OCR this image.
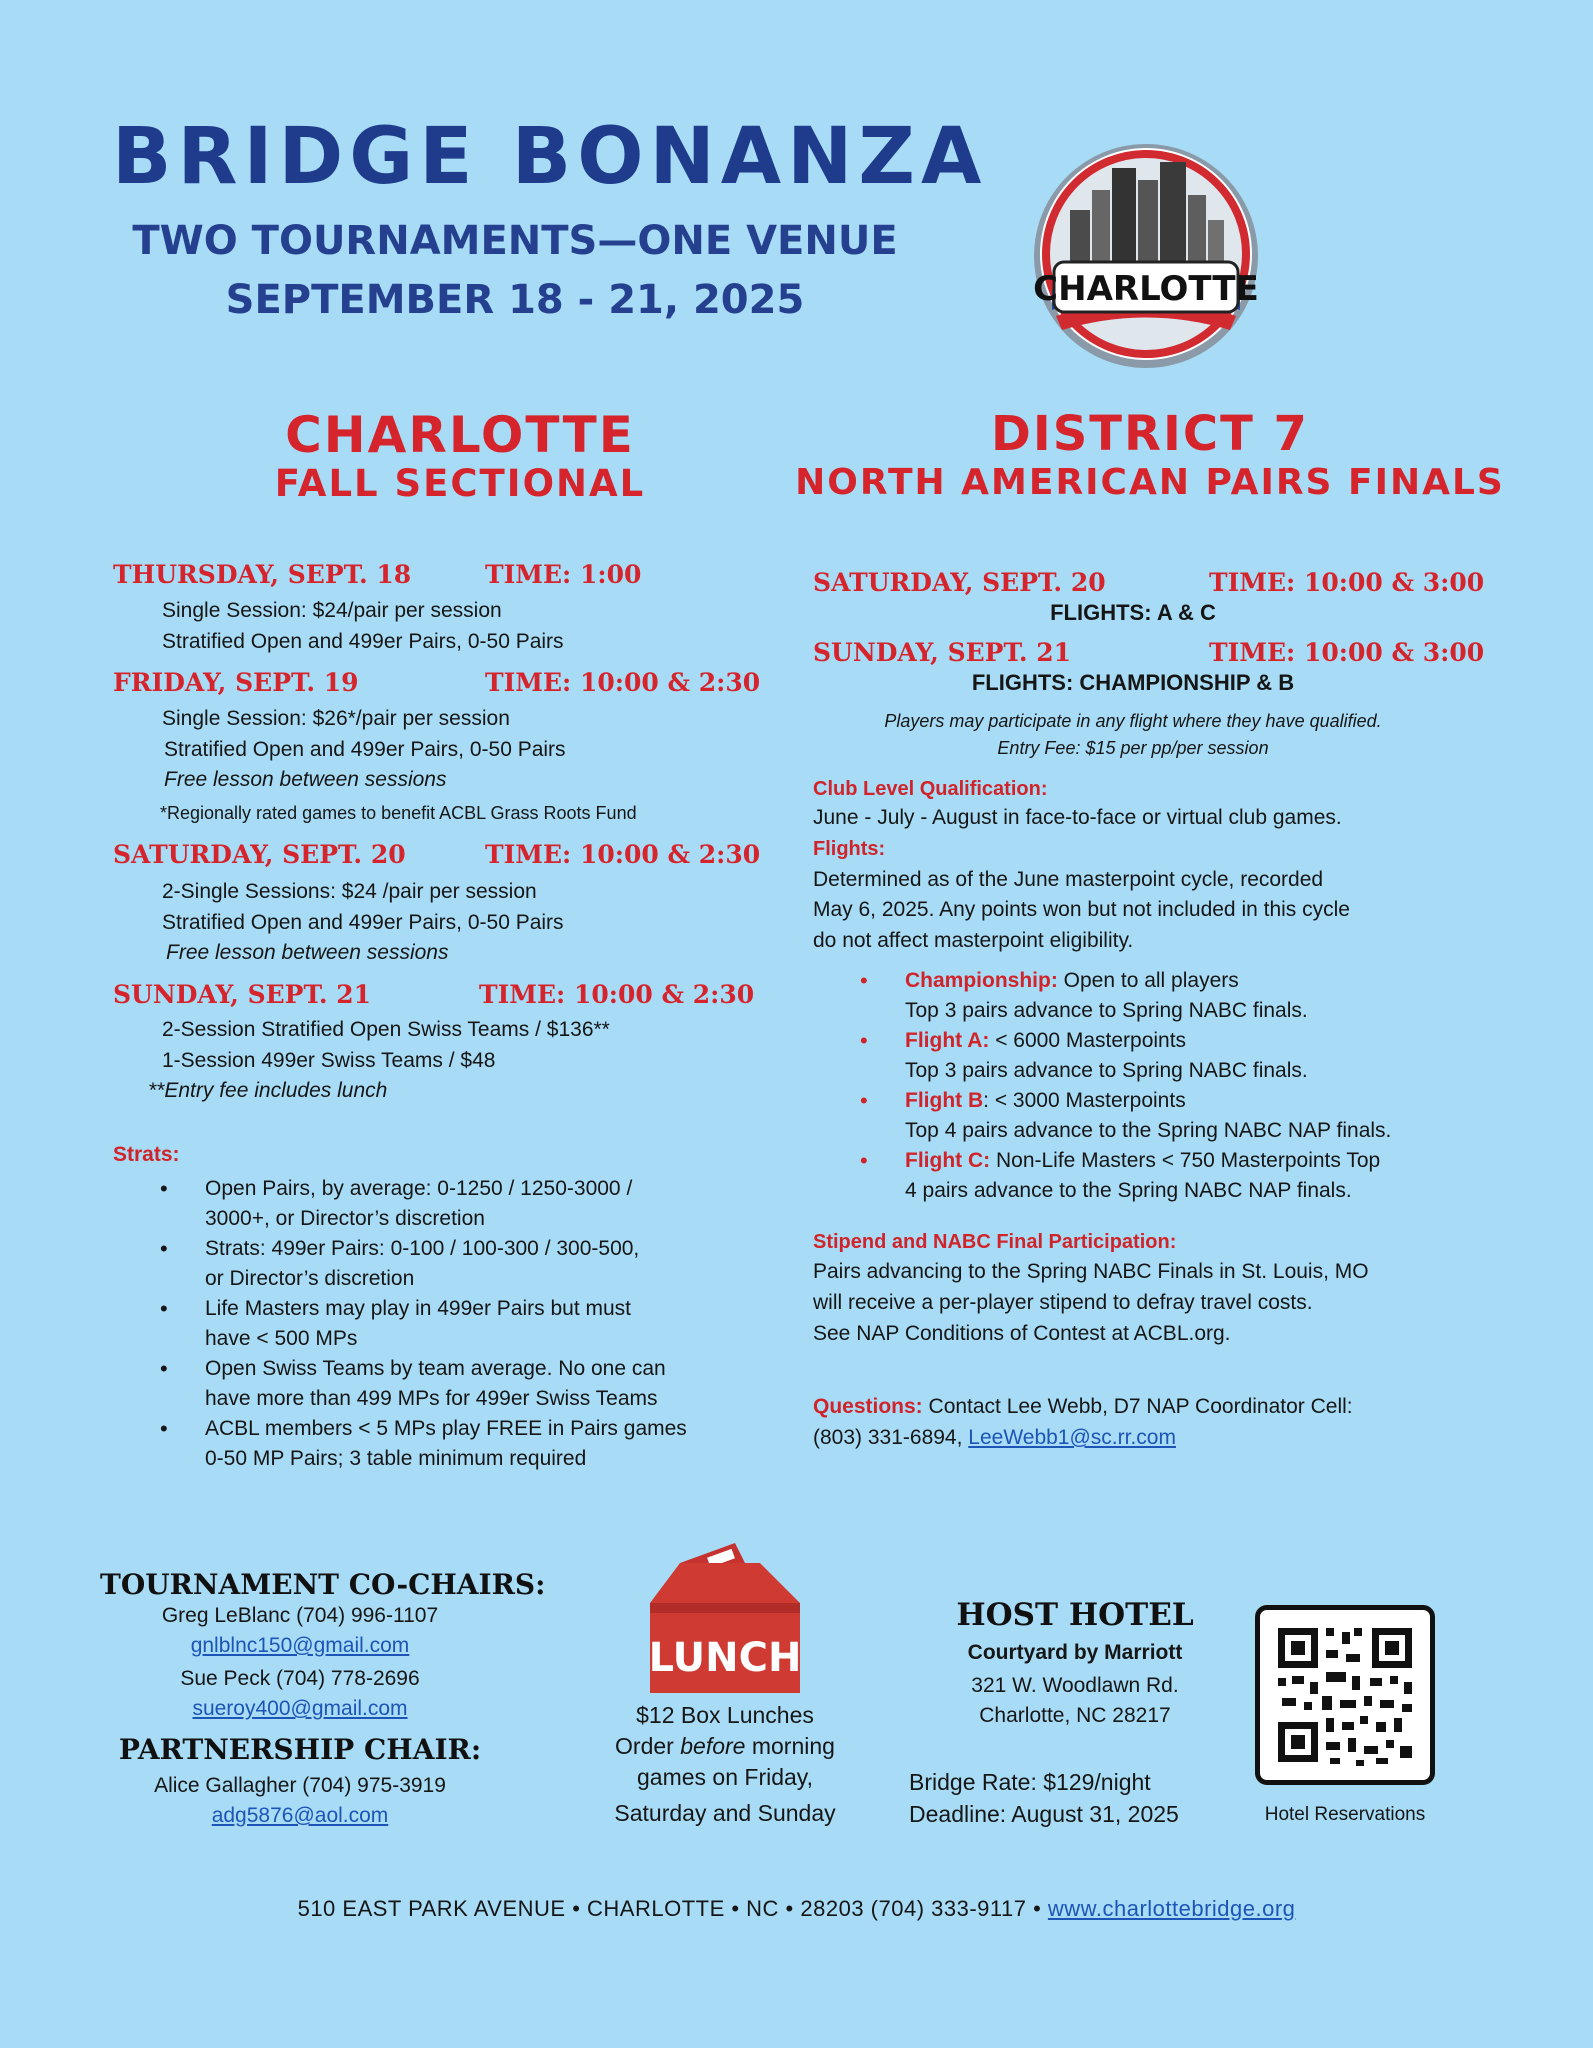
BRIDGE BONANZA
TWO TOURNAMENTS—ONE VENUE
SEPTEMBER 18 - 21, 2025	CHARLOTTE
CHARLOTTE
FALL SECTIONAL
DISTRICT 7
NORTH AMERICAN PAIRS FINALS
THURSDAY, SEPT. 18	TIME: 1:00
Single Session: $24/pair per session
Stratified Open and 499er Pairs, 0-50 Pairs
FRIDAY, SEPT. 19	TIME: 10:00 & 2:30
Single Session: $26*/pair per session
Stratified Open and 499er Pairs, 0-50 Pairs
Free lesson between sessions
*Regionally rated games to benefit ACBL Grass Roots Fund
SATURDAY, SEPT. 20	TIME: 10:00 & 2:30
2-Single Sessions: $24 /pair per session
Stratified Open and 499er Pairs, 0-50 Pairs
Free lesson between sessions
SUNDAY, SEPT. 21	TIME: 10:00 & 2:30
2-Session Stratified Open Swiss Teams / $136**
1-Session 499er Swiss Teams / $48
**Entry fee includes lunch
Strats:
• Open Pairs, by average: 0-1250 / 1250-3000 /
3000+, or Director’s discretion
• Strats: 499er Pairs: 0-100 / 100-300 / 300-500,
or Director’s discretion
• Life Masters may play in 499er Pairs but must
have < 500 MPs
• Open Swiss Teams by team average. No one can
have more than 499 MPs for 499er Swiss Teams
• ACBL members < 5 MPs play FREE in Pairs games
0-50 MP Pairs; 3 table minimum required
SATURDAY, SEPT. 20	TIME: 10:00 & 3:00
FLIGHTS: A & C
SUNDAY, SEPT. 21	TIME: 10:00 & 3:00
FLIGHTS: CHAMPIONSHIP & B
Players may participate in any flight where they have qualified.
Entry Fee: $15 per pp/per session
Club Level Qualification:
June - July - August in face-to-face or virtual club games.
Flights:
Determined as of the June masterpoint cycle, recorded
May 6, 2025. Any points won but not included in this cycle
do not affect masterpoint eligibility.
• Championship: Open to all players
Top 3 pairs advance to Spring NABC finals.
• Flight A: < 6000 Masterpoints
Top 3 pairs advance to Spring NABC finals.
• Flight B: < 3000 Masterpoints
Top 4 pairs advance to the Spring NABC NAP finals.
• Flight C: Non-Life Masters < 750 Masterpoints Top
4 pairs advance to the Spring NABC NAP finals.
Stipend and NABC Final Participation:
Pairs advancing to the Spring NABC Finals in St. Louis, MO
will receive a per-player stipend to defray travel costs.
See NAP Conditions of Contest at ACBL.org.
Questions: Contact Lee Webb, D7 NAP Coordinator Cell:
(803) 331-6894, LeeWebb1@sc.rr.com
TOURNAMENT CO-CHAIRS:
Greg LeBlanc (704) 996-1107
gnlblnc150@gmail.com
Sue Peck (704) 778-2696
sueroy400@gmail.com
PARTNERSHIP CHAIR:
Alice Gallagher (704) 975-3919
adg5876@aol.com
LUNCH
$12 Box Lunches
Order before morning
games on Friday,
Saturday and Sunday
HOST HOTEL
Courtyard by Marriott
321 W. Woodlawn Rd.
Charlotte, NC 28217
Bridge Rate: $129/night
Deadline: August 31, 2025	Hotel Reservations
510 EAST PARK AVENUE • CHARLOTTE • NC • 28203 (704) 333-9117 • www.charlottebridge.org
